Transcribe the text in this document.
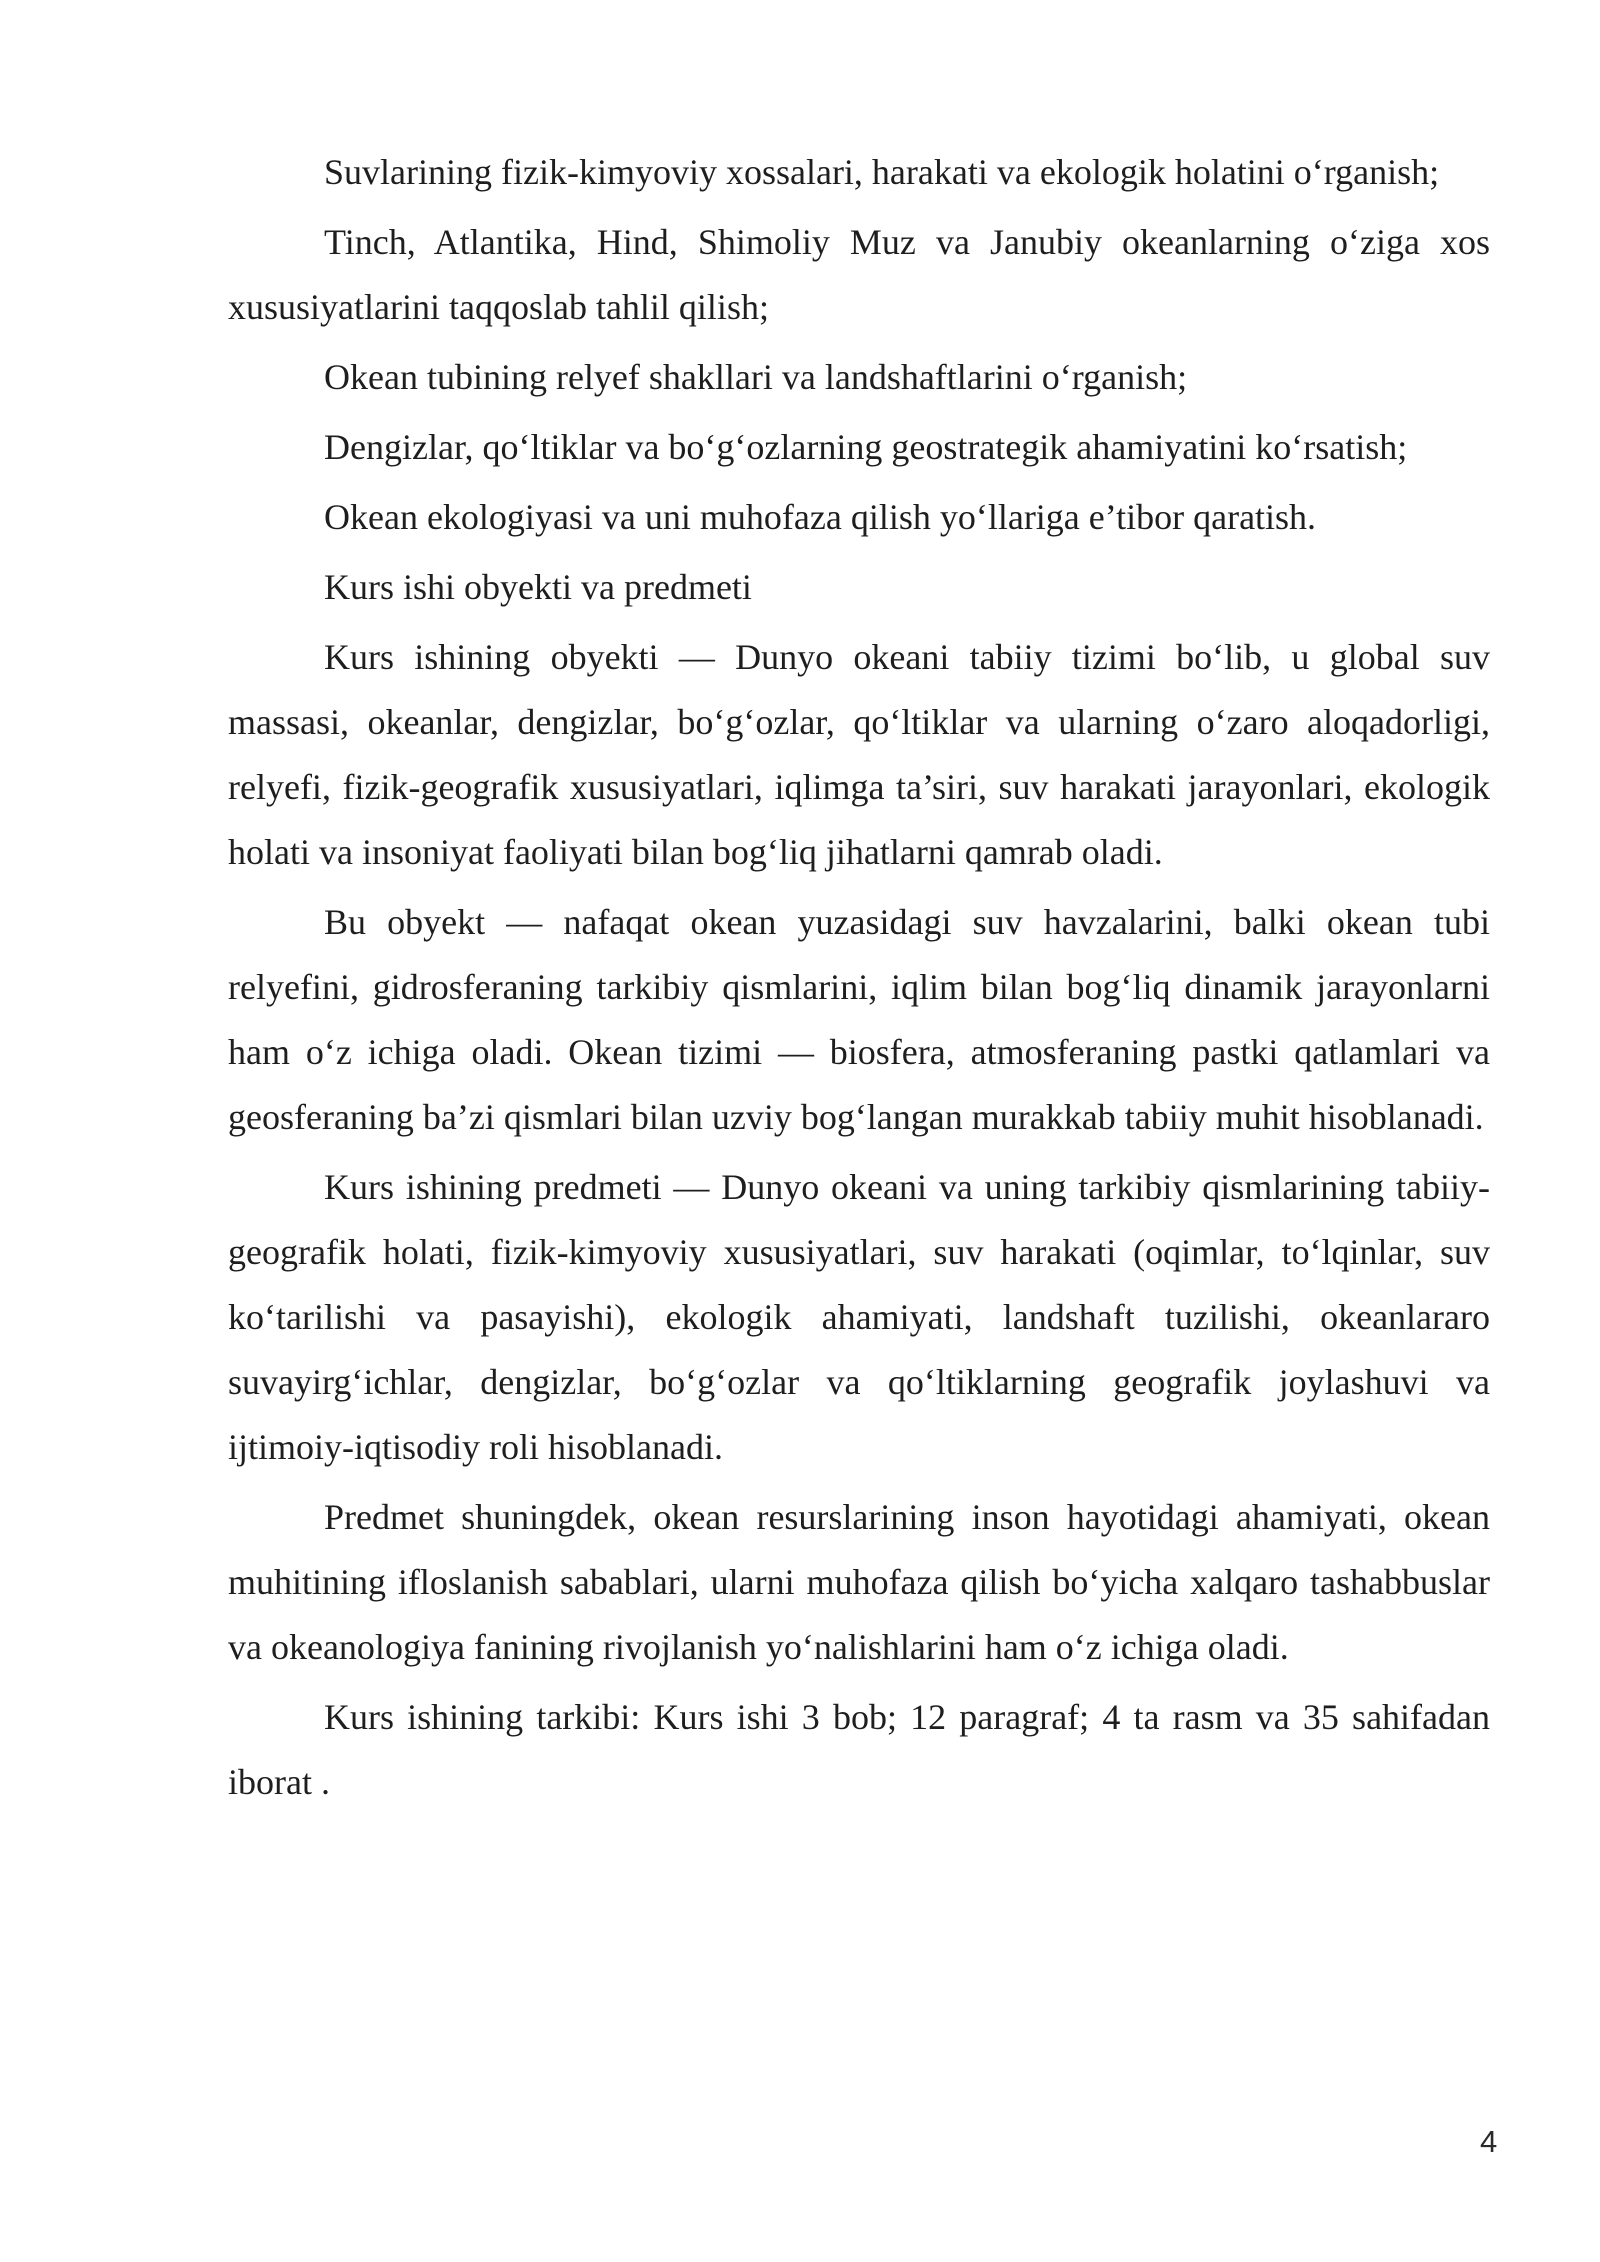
Suvlarining fizik-kimyoviy xossalari, harakati va ekologik holatini o‘rganish;

Tinch, Atlantika, Hind, Shimoliy Muz va Janubiy okeanlarning o‘ziga xos xususiyatlarini taqqoslab tahlil qilish;

Okean tubining relyef shakllari va landshaftlarini o‘rganish;

Dengizlar, qo‘ltiklar va bo‘g‘ozlarning geostrategik ahamiyatini ko‘rsatish;

Okean ekologiyasi va uni muhofaza qilish yo‘llariga e’tibor qaratish.

Kurs ishi obyekti va predmeti

Kurs ishining obyekti — Dunyo okeani tabiiy tizimi bo‘lib, u global suv massasi, okeanlar, dengizlar, bo‘g‘ozlar, qo‘ltiklar va ularning o‘zaro aloqadorligi, relyefi, fizik-geografik xususiyatlari, iqlimga ta’siri, suv harakati jarayonlari, ekologik holati va insoniyat faoliyati bilan bog‘liq jihatlarni qamrab oladi.

Bu obyekt — nafaqat okean yuzasidagi suv havzalarini, balki okean tubi relyefini, gidrosferaning tarkibiy qismlarini, iqlim bilan bog‘liq dinamik jarayonlarni ham o‘z ichiga oladi. Okean tizimi — biosfera, atmosferaning pastki qatlamlari va geosferaning ba’zi qismlari bilan uzviy bog‘langan murakkab tabiiy muhit hisoblanadi.

Kurs ishining predmeti — Dunyo okeani va uning tarkibiy qismlarining tabiiy-geografik holati, fizik-kimyoviy xususiyatlari, suv harakati (oqimlar, to‘lqinlar, suv ko‘tarilishi va pasayishi), ekologik ahamiyati, landshaft tuzilishi, okeanlararo suvayirg‘ichlar, dengizlar, bo‘g‘ozlar va qo‘ltiklarning geografik joylashuvi va ijtimoiy-iqtisodiy roli hisoblanadi.

Predmet shuningdek, okean resurslarining inson hayotidagi ahamiyati, okean muhitining ifloslanish sabablari, ularni muhofaza qilish bo‘yicha xalqaro tashabbuslar va okeanologiya fanining rivojlanish yo‘nalishlarini ham o‘z ichiga oladi.

Kurs ishining tarkibi: Kurs ishi 3 bob; 12 paragraf; 4 ta rasm va 35 sahifadan iborat .

4
